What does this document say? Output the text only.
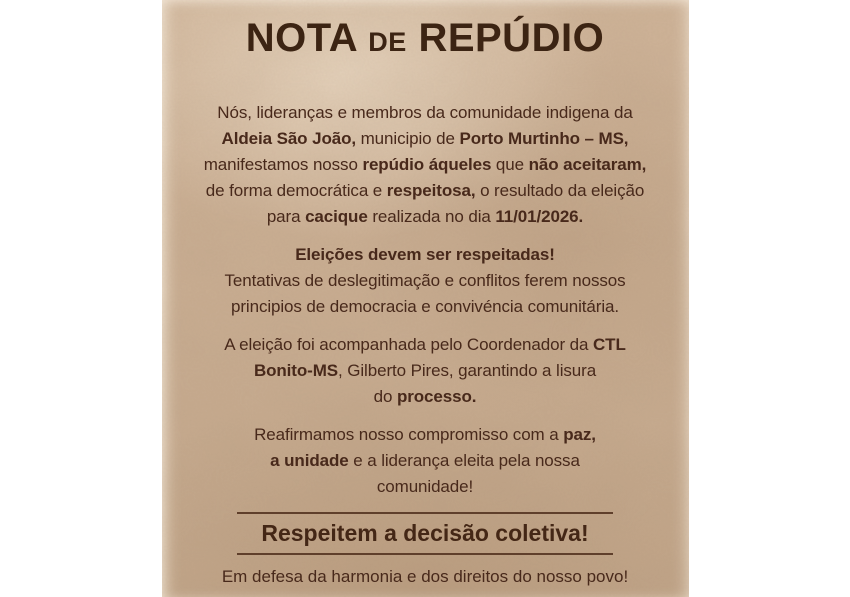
NOTA DE REPÚDIO

Nós, lideranças e membros da comunidade indigena da
Aldeia São João, municipio de Porto Murtinho – MS,
manifestamos nosso repúdio áqueles que não aceitaram,
de forma democrática e respeitosa, o resultado da eleição
para cacique realizada no dia 11/01/2026.

Eleições devem ser respeitadas!
Tentativas de deslegitimação e conflitos ferem nossos
principios de democracia e convivéncia comunitária.

A eleição foi acompanhada pelo Coordenador da CTL
Bonito-MS, Gilberto Pires, garantindo a lisura
do processo.

Reafirmamos nosso compromisso com a paz,
a unidade e a liderança eleita pela nossa
comunidade!

Respeitem a decisão coletiva!

Em defesa da harmonia e dos direitos do nosso povo!
